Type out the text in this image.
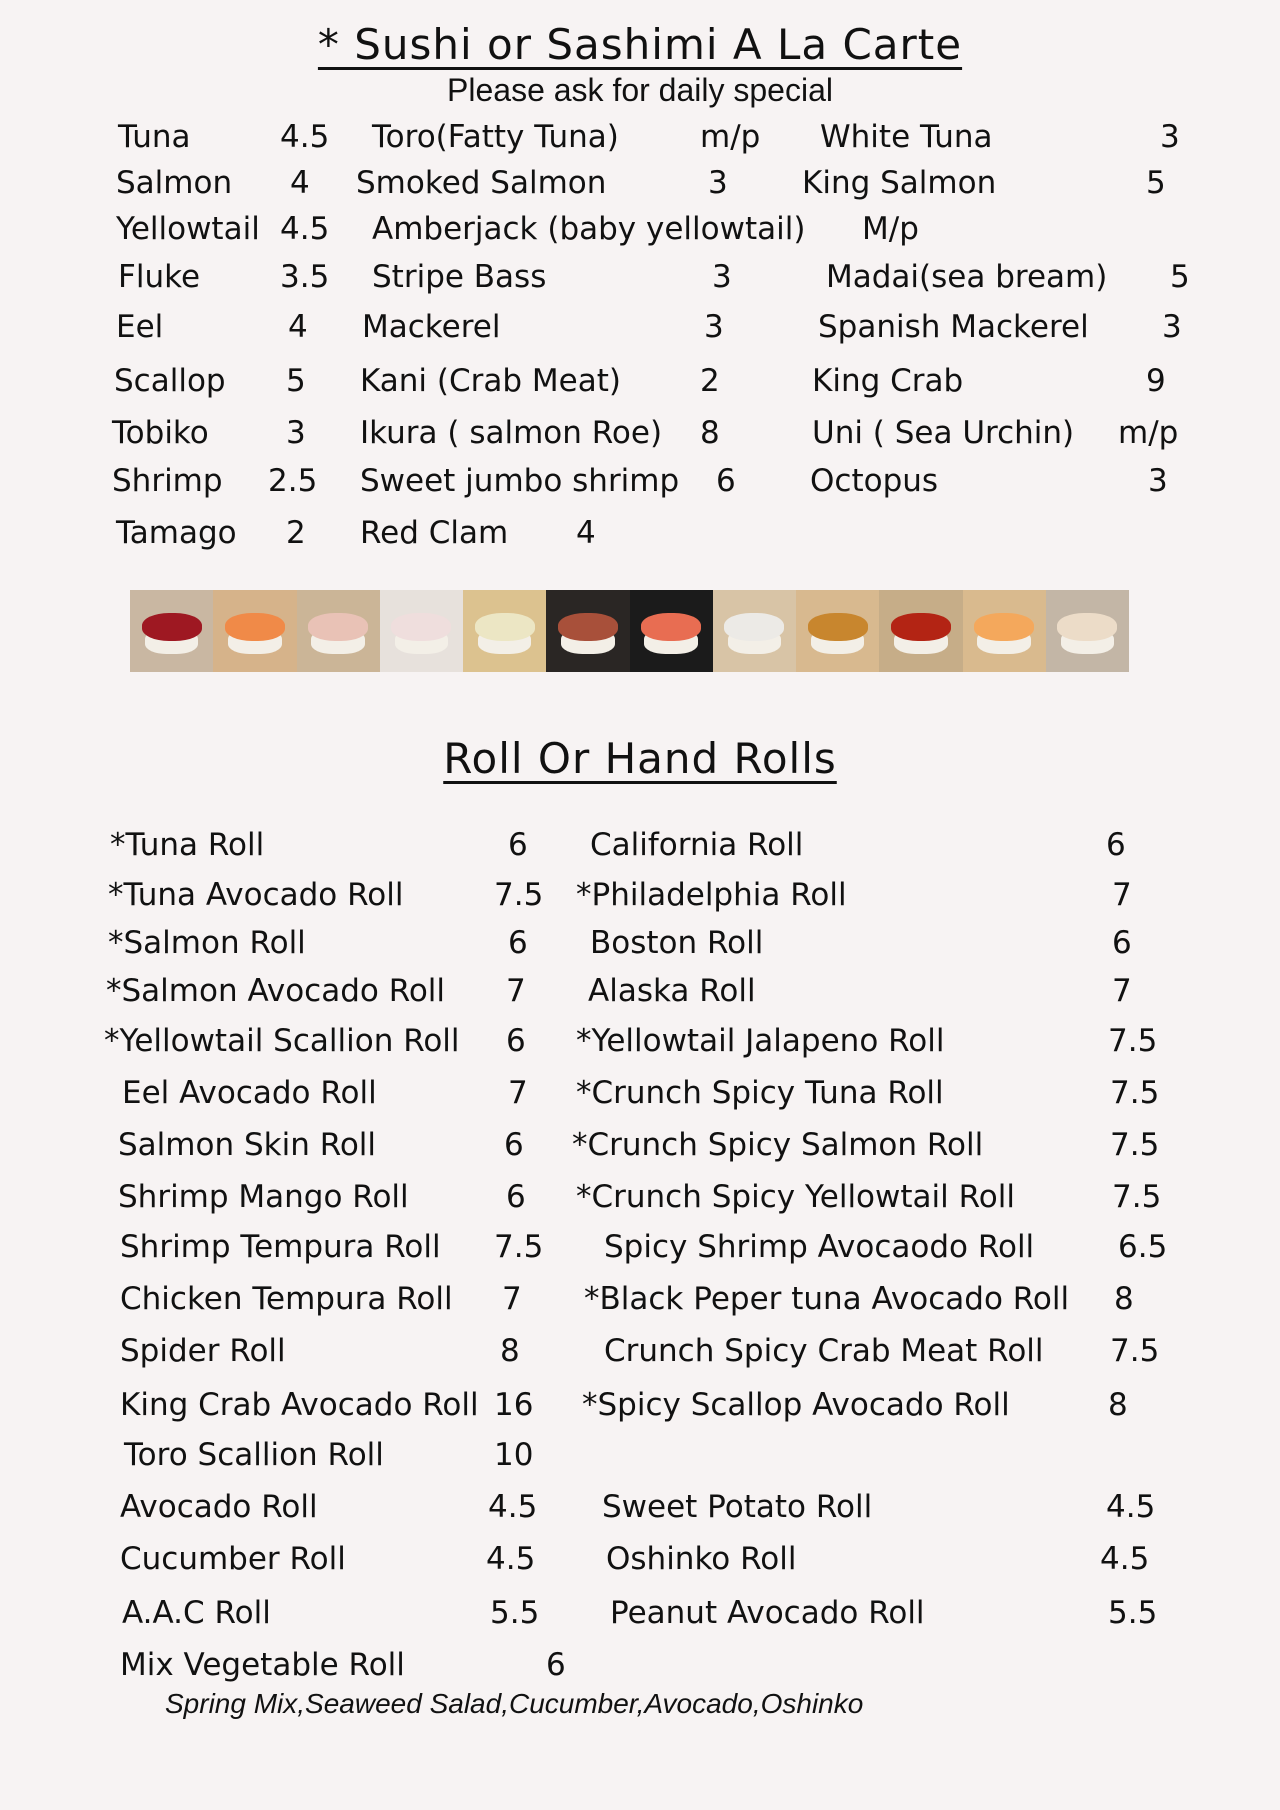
* Sushi or Sashimi A La Carte
Please ask for daily special
Tuna	4.5 Toro(Fatty Tuna)	m/p White Tuna	3
Salmon 4 Smoked Salmon	3 King Salmon	5
Yellowtail 4.5 Amberjack (baby yellowtail) M/p
Fluke	3.5 Stripe Bass	3	Madai(sea bream) 5
Eel	4 Mackerel	3	Spanish Mackerel 3
Scallop 5 Kani (Crab Meat)	2	King Crab	9
Tobiko 3 Ikura ( salmon Roe) 8	Uni ( Sea Urchin) m/p
Shrimp 2.5 Sweet jumbo shrimp 6 Octopus	3
Tamago 2 Red Clam 4
Roll Or Hand Rolls
*Tuna Roll	6 California Roll	6
*Tuna Avocado Roll	7.5 *Philadelphia Roll	7
*Salmon Roll	6 Boston Roll	6
*Salmon Avocado Roll 7 Alaska Roll	7
*Yellowtail Scallion Roll 6 *Yellowtail Jalapeno Roll	7.5
Eel Avocado Roll	7 *Crunch Spicy Tuna Roll	7.5
Salmon Skin Roll	6 *Crunch Spicy Salmon Roll	7.5
Shrimp Mango Roll	6 *Crunch Spicy Yellowtail Roll	7.5
Shrimp Tempura Roll 7.5 Spicy Shrimp Avocaodo Roll	6.5
Chicken Tempura Roll 7 *Black Peper tuna Avocado Roll 8
Spider Roll	8	Crunch Spicy Crab Meat Roll 7.5
King Crab Avocado Roll 16 *Spicy Scallop Avocado Roll	8
Toro Scallion Roll	10
Avocado Roll	4.5 Sweet Potato Roll	4.5
Cucumber Roll	4.5 Oshinko Roll	4.5
A.A.C Roll	5.5 Peanut Avocado Roll	5.5
Mix Vegetable Roll	6
Spring Mix,Seaweed Salad,Cucumber,Avocado,Oshinko
